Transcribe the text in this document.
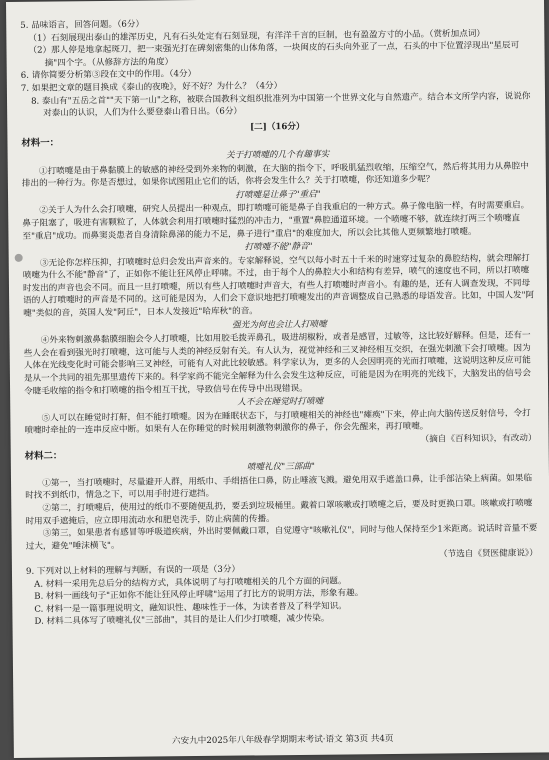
5. 品味语言，回答问题。（6分）

（1）石刻展现出泰山的雄浑历史，凡有石头处定有石刻显现，有洋洋千言的巨制，也有盈盈方寸的小品。（赏析加点词）

（2）那人停是地拿起斑刀，把一束强光打在碑刻密集的山体角落，一块闽皮的石头向外亚了一点，石头的中下位置浮现出"星辰可摘"四个字。（从修辞方法的角度）

6. 请你简要分析第③段在文中的作用。（4分）

7. 如果把文章的题目换成《泰山的夜晚》，好不好？为什么？（4分）

8. 泰山有"五岳之首""天下第一山"之称，被联合国教科文组织批准列为中国第一个世界文化与自然遗产。结合本文所学内容，说说你对泰山的认识，人们为什么要登泰山看日出。（6分）

[二]（16分）

材料一：

关于打喷嚏的几个有趣事实

①打喷嚏是由于鼻黏膜上的敏感的神经受到外来物的刺激，在大脑的指令下，呼吸肌猛烈收缩，压缩空气，然后将其用力从鼻腔中排出的一种行为。你是否想过，如果你试图阻止它们的话，你将会发生什么？关于打喷嚏，你还知道多少呢？

打喷嚏是让鼻子"重启"

②关于人为什么会打喷嚏，研究人员提出一种观点，即打喷嚏可能是鼻子自我重启的一种方式。鼻子像电脑一样，有时需要重启。鼻子阻塞了，吸进有害颗粒了，人体就会利用打喷嚏时猛烈的冲击力，"重置"鼻腔通道环境。一个喷嚏不够，就连续打两三个喷嚏直至"重启"成功。而鼻窦炎患者自身清除鼻涕的能力不足，鼻子进行"重启"的难度加大，所以会比其他人更频繁地打喷嚏。

打喷嚏不能"静音"

③无论你怎样压抑，打喷嚏时总归会发出声音来的。专家解释说，空气以每小时五十千米的时速穿过复杂的鼻腔结构，就会理解打喷嚏为什么不能"静音"了，正如你不能让狂风停止呼啸。不过，由于每个人的鼻腔大小和结构有差异，喷气的速度也不同，所以打喷嚏时发出的声音也会不同。而且一旦打喷嚏，所以有些人打喷嚏时声音大，有些人打喷嚏时声音小。有趣的是，还有人调查发现，不同母语的人打喷嚏时的声音是不同的。这可能是因为，人们会下意识地把打喷嚏发出的声音调整成自己熟悉的母语发音。比如，中国人发"阿嚏"类似的音，英国人发"阿丘"，日本人发接近"哈库秋"的音。

强光为何也会让人打喷嚏

④外来物刺激鼻黏膜细胞会令人打喷嚏，比如用胶毛拨弄鼻孔，吸进胡椒粉，或者是感冒，过敏等，这比较好解释。但是，还有一些人会在看到强光时打喷嚏，这可能与人类的神经反射有关。有人认为，视觉神经和三叉神经相互交织，在强光刺激下会打喷嚏。因为人体在光线变化时可能会影响三叉神经，可能有人对此比较敏感。科学家认为，更多的人会因明亮的光而打喷嚏，这说明这种反应可能是从一个共同的祖先那里遗传下来的。科学家尚不能完全解释为什么会发生这种反应，可能是因为在明亮的光线下，大脑发出的信号会令睫毛收缩的指令和打喷嚏的指令相互干扰，导致信号在传导中出现错误。

人不会在睡觉时打喷嚏

⑤人可以在睡觉时打鼾，但不能打喷嚏。因为在睡眠状态下，与打喷嚏相关的神经也"瘫痪"下来，停止向大脑传送反射信号，令打喷嚏时牵扯的一连串反应中断。如果有人在你睡觉的时候用刺激物刺激你的鼻子，你会先醒来，再打喷嚏。

（摘自《百科知识》，有改动）

材料二：

喷嚏礼仪"三部曲"

①第一，当打喷嚏时，尽量避开人群，用纸巾、手绢捂住口鼻，防止唾液飞溅。避免用双手遮盖口鼻，让手部沾染上病菌。如果临时找不到纸巾，情急之下，可以用手肘进行遮挡。

②第二，打喷嚏后，使用过的纸巾不要随便乱扔，要丢到垃圾桶里。戴着口罩咳嗽或打喷嚏之后，要及时更换口罩。咳嗽或打喷嚏时用双手遮掩后，应立即用流动水和肥皂洗手，防止病菌的传播。

③第三，如果患者有感冒等呼吸道疾病，外出时要佩戴口罩，自觉遵守"咳嗽礼仪"，同时与他人保持至少1米距离。说话时音量不要过大，避免"唾沫横飞"。

（节选自《贤医健康说》）

9. 下列对以上材料的理解与判断，有误的一项是（3分）

A. 材料一采用先总后分的结构方式，具体说明了与打喷嚏相关的几个方面的问题。

B. 材料一画线句子"正如你不能让狂风停止呼啸"运用了打比方的说明方法，形象有趣。

C. 材料一是一篇事理说明文，融知识性、趣味性于一体，为读者普及了科学知识。

D. 材料二具体写了喷嚏礼仪"三部曲"，其目的是让人们少打喷嚏，减少传染。

六安九中2025年八年级春学期期末考试·语文 第3页 共4页
